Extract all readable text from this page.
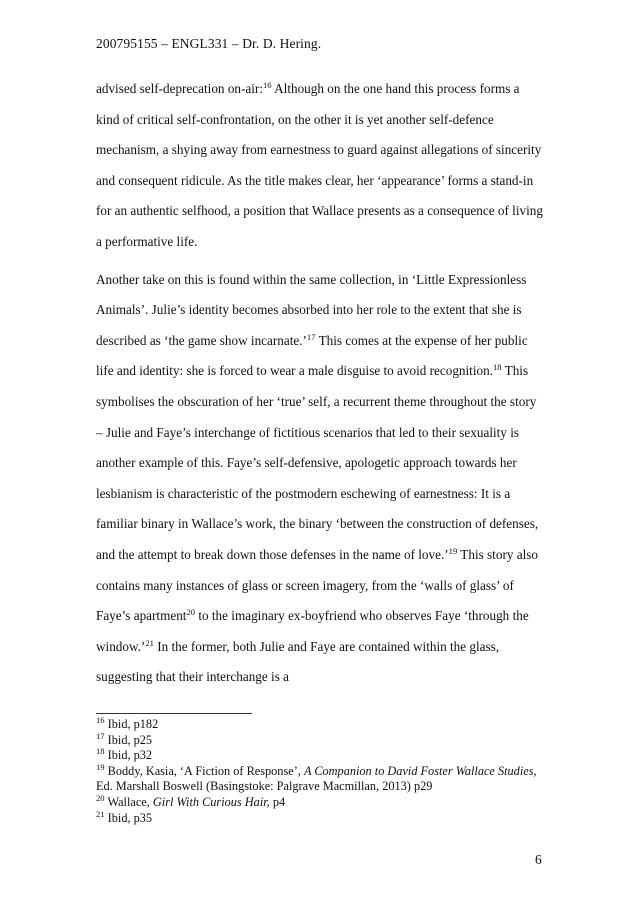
200795155 – ENGL331 – Dr. D. Hering.

advised self-deprecation on-air:$^{16}$ Although on the one hand this process forms a kind of critical self-confrontation, on the other it is yet another self-defence mechanism, a shying away from earnestness to guard against allegations of sincerity and consequent ridicule. As the title makes clear, her ‘appearance’ forms a stand-in for an authentic selfhood, a position that Wallace presents as a consequence of living a performative life.

Another take on this is found within the same collection, in ‘Little Expressionless Animals’. Julie’s identity becomes absorbed into her role to the extent that she is described as ‘the game show incarnate.’$^{17}$ This comes at the expense of her public life and identity: she is forced to wear a male disguise to avoid recognition.$^{18}$ This symbolises the obscuration of her ‘true’ self, a recurrent theme throughout the story – Julie and Faye’s interchange of fictitious scenarios that led to their sexuality is another example of this. Faye’s self-defensive, apologetic approach towards her lesbianism is characteristic of the postmodern eschewing of earnestness: It is a familiar binary in Wallace’s work, the binary ‘between the construction of defenses, and the attempt to break down those defenses in the name of love.’$^{19}$ This story also contains many instances of glass or screen imagery, from the ‘walls of glass’ of Faye’s apartment$^{20}$ to the imaginary ex-boyfriend who observes Faye ‘through the window.’$^{21}$ In the former, both Julie and Faye are contained within the glass, suggesting that their interchange is a

$^{16}$ Ibid, p182

$^{17}$ Ibid, p25

$^{18}$ Ibid, p32

$^{19}$ Boddy, Kasia, ‘A Fiction of Response’, A Companion to David Foster Wallace Studies, Ed. Marshall Boswell (Basingstoke: Palgrave Macmillan, 2013) p29

$^{20}$ Wallace, Girl With Curious Hair, p4

$^{21}$ Ibid, p35

6
